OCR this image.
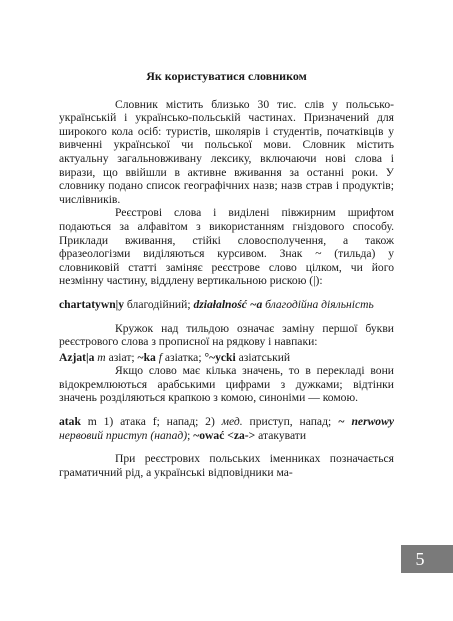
Як користуватися словником

Словник містить близько 30 тис. слів у польсько-українській і українсько-польській частинах. Призначений для широкого кола осіб: туристів, школярів і студентів, початківців у вивченні української чи польської мови. Словник містить актуальну загальновживану лексику, включаючи нові слова і вирази, що ввійшли в активне вживання за останні роки. У словнику подано список географічних назв; назв страв і продуктів; числівників.

Реєстрові слова і виділені півжирним шрифтом подаються за алфавітом з використанням гніздового способу. Приклади вживання, стійкі словосполучення, а також фразеологізми виділяються курсивом. Знак ~ (тильда) у словниковій статті заміняє реєстрове слово цілком, чи його незмінну частину, віддлену вертикальною рискою (|):

chartatywn|y благодійний; działalność ~a благодійна діяльність

Кружок над тильдою означає заміну першої букви реєстрового слова з прописної на рядкову і навпаки:

Azjat|a m азіат; ~ka f азіатка; °~ycki азіатський

Якщо слово має кілька значень, то в перекладі вони відокремлюються арабськими цифрами з дужками; відтінки значень розділяються крапкою з комою, синоніми — комою.

atak m 1) атака f; напад; 2) мед. приступ, напад; ~ nerwowy нервовий приступ (напад); ~ować <za-> атакувати

При реєстрових польських іменниках позначається граматичний рід, а українські відповідники ма-

5
